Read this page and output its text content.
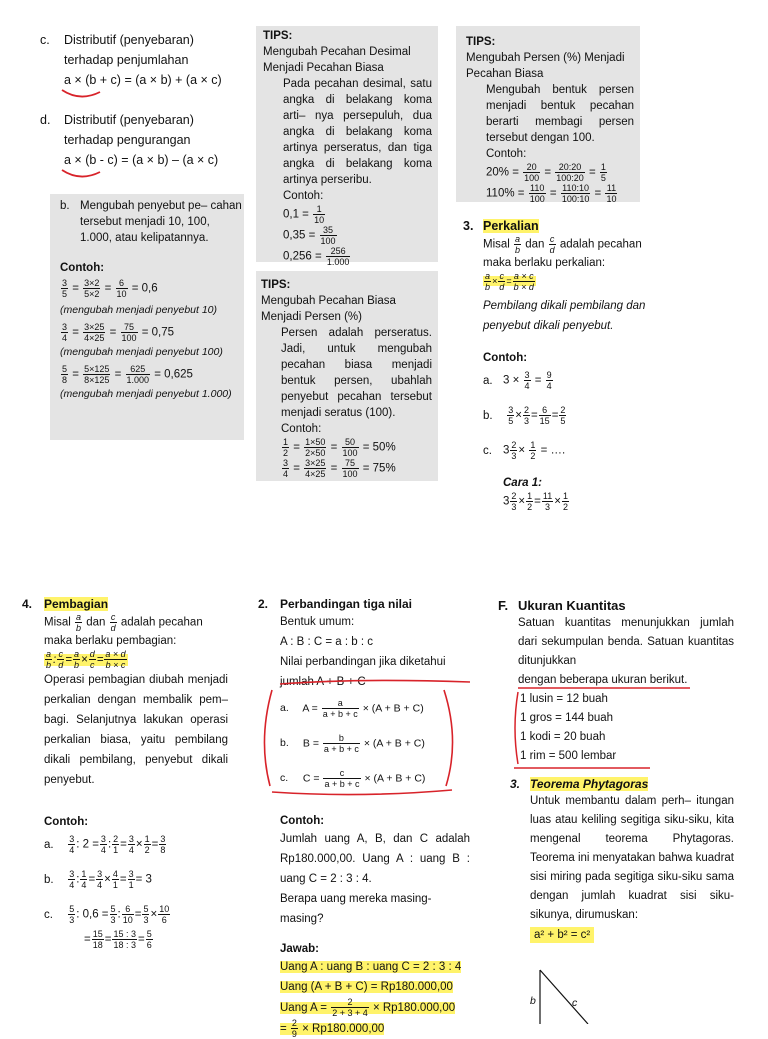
c. Distributif (penyebaran)
terhadap penjumlahan
a × (b + c) = (a × b) + (a × c)
d. Distributif (penyebaran)
terhadap pengurangan
a × (b - c) = (a × b) – (a × c)
b. Mengubah penyebut pe– cahan tersebut menjadi 10, 100, 1.000, atau kelipatannya.
Contoh:
$\frac{3}{5} = \frac{3\times 2}{5\times 2} = \frac{6}{10} = 0,6$
(mengubah menjadi penyebut 10)
$\frac{3}{4} = \frac{3\times 25}{4\times 25} = \frac{75}{100} = 0,75$
(mengubah menjadi penyebut 100)
$\frac{5}{8} = \frac{5\times 125}{8\times 125} = \frac{625}{1.000} = 0,625$
(mengubah menjadi penyebut 1.000)
TIPS:
Mengubah Pecahan Desimal Menjadi Pecahan Biasa
Pada pecahan desimal, satu angka di belakang koma arti– nya persepuluh, dua angka di belakang koma artinya perseratus, dan tiga angka di belakang koma artinya perseribu.
Contoh:
$0,1 = \frac{1}{10}$
$0,35 = \frac{35}{100}$
$0,256 = \frac{256}{1.000}$
TIPS:
Mengubah Persen (%) Menjadi Pecahan Biasa
Mengubah bentuk persen menjadi bentuk pecahan berarti membagi persen tersebut dengan 100.
Contoh:
$20\% = \frac{20}{100} = \frac{20:20}{100:20} = \frac{1}{5}$
$110\% = \frac{110}{100} = \frac{110:10}{100:10} = \frac{11}{10}$
TIPS:
Mengubah Pecahan Biasa Menjadi Persen (%)
Persen adalah perseratus. Jadi, untuk mengubah pecahan biasa menjadi bentuk persen, ubahlah penyebut pecahan tersebut menjadi seratus (100).
Contoh:
$\frac{1}{2} = \frac{1\times 50}{2\times 50} = \frac{50}{100} = 50\%$
$\frac{3}{4} = \frac{3\times 25}{4\times 25} = \frac{75}{100} = 75\%$
3. Perkalian
Misal $\frac{a}{b}$ dan $\frac{c}{d}$ adalah pecahan
maka berlaku perkalian:
$\frac{a}{b} \times \frac{c}{d} = \frac{a \times c}{b \times d}$
Pembilang dikali pembilang dan penyebut dikali penyebut.
Contoh:
a. $3 \times \frac{3}{4} = \frac{9}{4}$
b. $\frac{3}{5} \times \frac{2}{3} = \frac{6}{15} = \frac{2}{5}$
c. $3 \frac{2}{3} \times \frac{1}{2}$ = ….
Cara 1:
$3 \frac{2}{3} \times \frac{1}{2} = \frac{11}{3} \times \frac{1}{2}$
4. Pembagian
Misal $\frac{a}{b}$ dan $\frac{c}{d}$ adalah pecahan
maka berlaku pembagian:
$\frac{a}{b}$ : $\frac{c}{d} = \frac{a}{b} \times \frac{d}{c} = \frac{a \times d}{b \times c}$
Operasi pembagian diubah menjadi perkalian dengan membalik pem– bagi. Selanjutnya lakukan operasi perkalian biasa, yaitu pembilang dikali pembilang, penyebut dikali penyebut.
Contoh:
a. $\frac{3}{4}$ : $2 = \frac{3}{4}$ : $\frac{2}{1} = \frac{3}{4} \times \frac{1}{2} = \frac{3}{8}$
b. $\frac{3}{4}$ : $\frac{1}{4} = \frac{3}{4} \times \frac{4}{1} = \frac{3}{1} = 3$
c. $\frac{5}{3}$ : $0,6 = \frac{5}{3}$ : $\frac{6}{10} = \frac{5}{3} \times \frac{10}{6}$
= $\frac{15}{18} = \frac{15 : 3}{18 : 3} = \frac{5}{6}$
2. Perbandingan tiga nilai
Bentuk umum:
A : B : C = a : b : c
Nilai perbandingan jika diketahui
jumlah A + B + C
a. $A = \frac{a}{a + b + c} \times (A + B + C)$
b. $B = \frac{b}{a + b + c} \times (A + B + C)$
c. $C = \frac{c}{a + b + c} \times (A + B + C)$
Contoh:
Jumlah uang A, B, dan C adalah Rp180.000,00. Uang A : uang B : uang C = 2 : 3 : 4.
Berapa uang mereka masing-masing?
Jawab:
Uang A : uang B : uang C = 2 : 3 : 4
Uang (A + B + C) = Rp180.000,00
Uang $A = \frac{2}{2 + 3 + 4} \times Rp180.000,00$
= $\frac{2}{9} \times Rp180.000,00$
F. Ukuran Kuantitas
Satuan kuantitas menunjukkan jumlah dari sekumpulan benda. Satuan kuantitas ditunjukkan
dengan beberapa ukuran berikut.
1 lusin = 12 buah
1 gros = 144 buah
1 kodi = 20 buah
1 rim = 500 lembar
3. Teorema Phytagoras
Untuk membantu dalam perh– itungan luas atau keliling segitiga siku-siku, kita mengenal teorema Phytagoras. Teorema ini menyatakan bahwa kuadrat sisi miring pada segitiga siku-siku sama dengan jumlah kuadrat sisi siku-sikunya, dirumuskan:
a² + b² = c²
b	c
